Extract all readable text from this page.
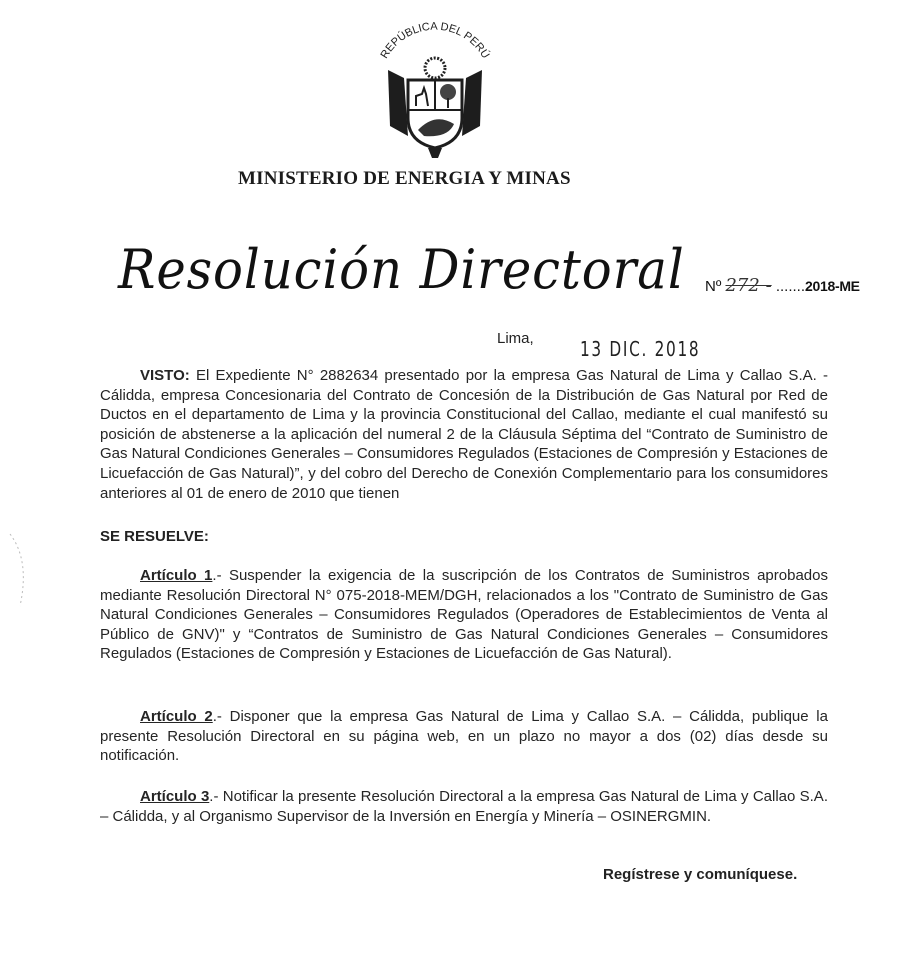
REPÚBLICA DEL PERÚ
MINISTERIO DE ENERGIA Y MINAS
Resolución Directoral Nº 272 - .......2018-ME
Lima, 13 DIC. 2018
VISTO: El Expediente N° 2882634 presentado por la empresa Gas Natural de Lima y Callao S.A. - Cálidda, empresa Concesionaria del Contrato de Concesión de la Distribución de Gas Natural por Red de Ductos en el departamento de Lima y la provincia Constitucional del Callao, mediante el cual manifestó su posición de abstenerse a la aplicación del numeral 2 de la Cláusula Séptima del “Contrato de Suministro de Gas Natural Condiciones Generales – Consumidores Regulados (Estaciones de Compresión y Estaciones de Licuefacción de Gas Natural)”, y del cobro del Derecho de Conexión Complementario para los consumidores anteriores al 01 de enero de 2010 que tienen
SE RESUELVE:
Artículo 1.- Suspender la exigencia de la suscripción de los Contratos de Suministros aprobados mediante Resolución Directoral N° 075-2018-MEM/DGH, relacionados a los "Contrato de Suministro de Gas Natural Condiciones Generales – Consumidores Regulados (Operadores de Establecimientos de Venta al Público de GNV)" y “Contratos de Suministro de Gas Natural Condiciones Generales – Consumidores Regulados (Estaciones de Compresión y Estaciones de Licuefacción de Gas Natural).
Artículo 2.- Disponer que la empresa Gas Natural de Lima y Callao S.A. – Cálidda, publique la presente Resolución Directoral en su página web, en un plazo no mayor a dos (02) días desde su notificación.
Artículo 3.- Notificar la presente Resolución Directoral a la empresa Gas Natural de Lima y Callao S.A. – Cálidda, y al Organismo Supervisor de la Inversión en Energía y Minería – OSINERGMIN.
Regístrese y comuníquese.
